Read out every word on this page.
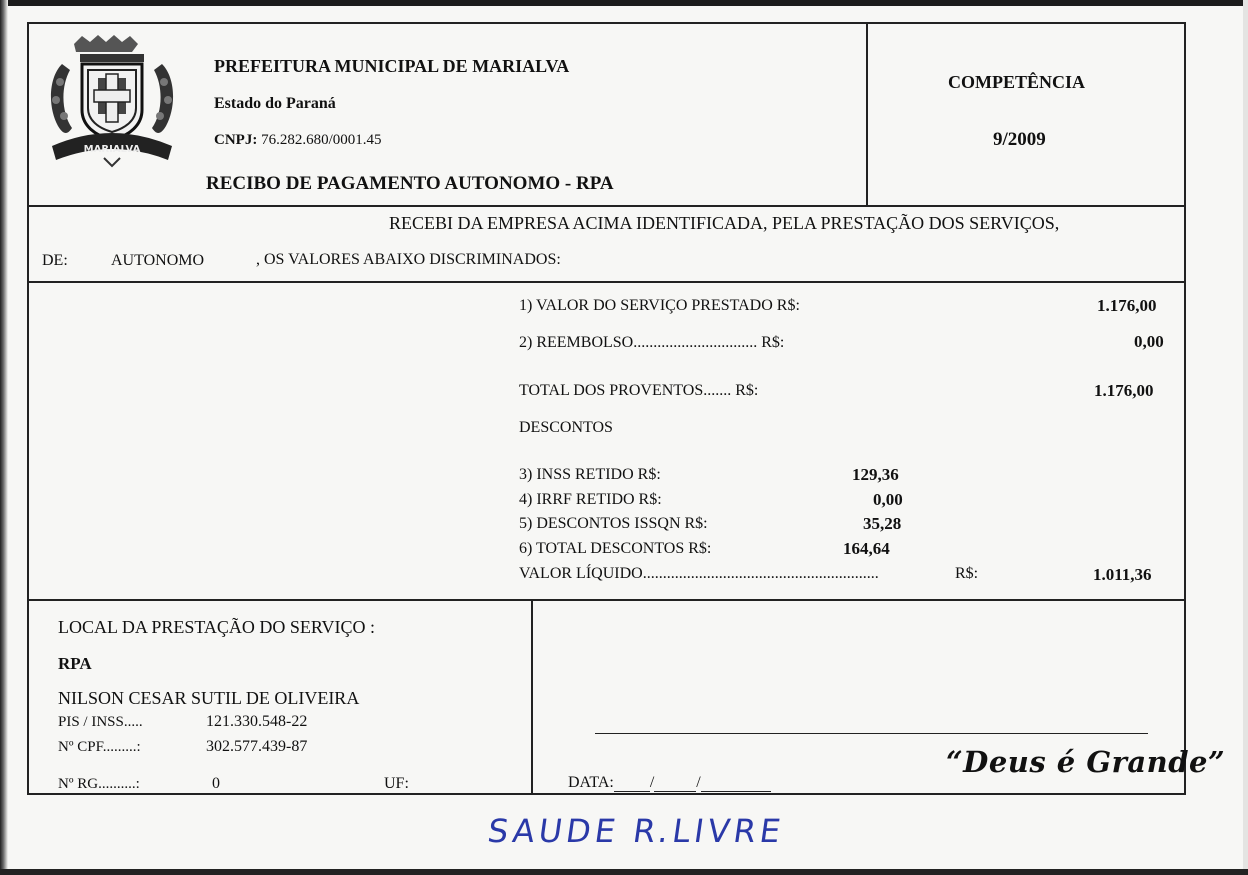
MARIALVA
PREFEITURA MUNICIPAL DE MARIALVA
Estado do Paraná
CNPJ: 76.282.680/0001.45
RECIBO DE PAGAMENTO AUTONOMO - RPA
COMPETÊNCIA
9/2009
RECEBI DA EMPRESA ACIMA IDENTIFICADA, PELA PRESTAÇÃO DOS SERVIÇOS,
DE:	AUTONOMO	, OS VALORES ABAIXO DISCRIMINADOS:
1) VALOR DO SERVIÇO PRESTADO R$:	1.176,00
2) REEMBOLSO............................... R$:	0,00
TOTAL DOS PROVENTOS....... R$:	1.176,00
DESCONTOS
3) INSS RETIDO R$:	129,36
4) IRRF RETIDO R$:	0,00
5) DESCONTOS ISSQN R$:	35,28
6) TOTAL DESCONTOS R$:	164,64
VALOR LÍQUIDO...........................................................	R$:	1.011,36
LOCAL DA PRESTAÇÃO DO SERVIÇO :
RPA
NILSON CESAR SUTIL DE OLIVEIRA
PIS / INSS.....	121.330.548-22
Nº CPF.........:	302.577.439-87
Nº RG..........:	0	UF:	DATA: /	/
“Deus é Grande”
SAUDE R.LIVRE
